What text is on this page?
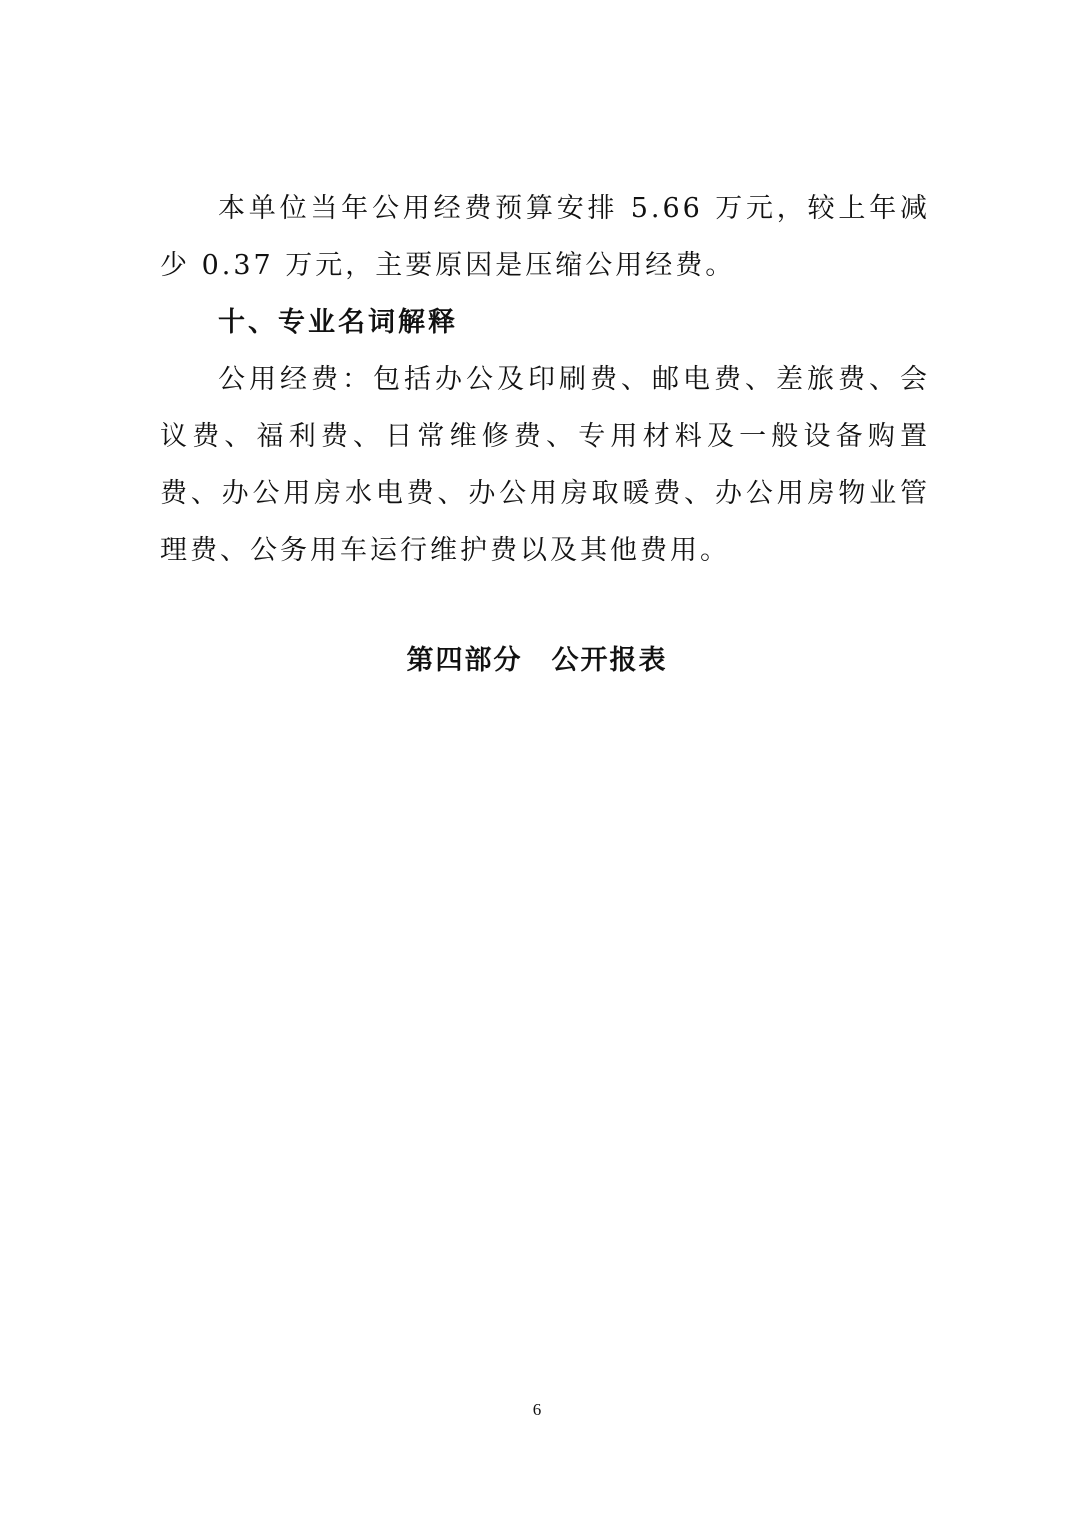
本单位当年公用经费预算安排 5.66 万元，较上年减少 0.37 万元，主要原因是压缩公用经费。

十、专业名词解释

公用经费：包括办公及印刷费、邮电费、差旅费、会议费、福利费、日常维修费、专用材料及一般设备购置费、办公用房水电费、办公用房取暖费、办公用房物业管理费、公务用车运行维护费以及其他费用。

第四部分　公开报表
6
